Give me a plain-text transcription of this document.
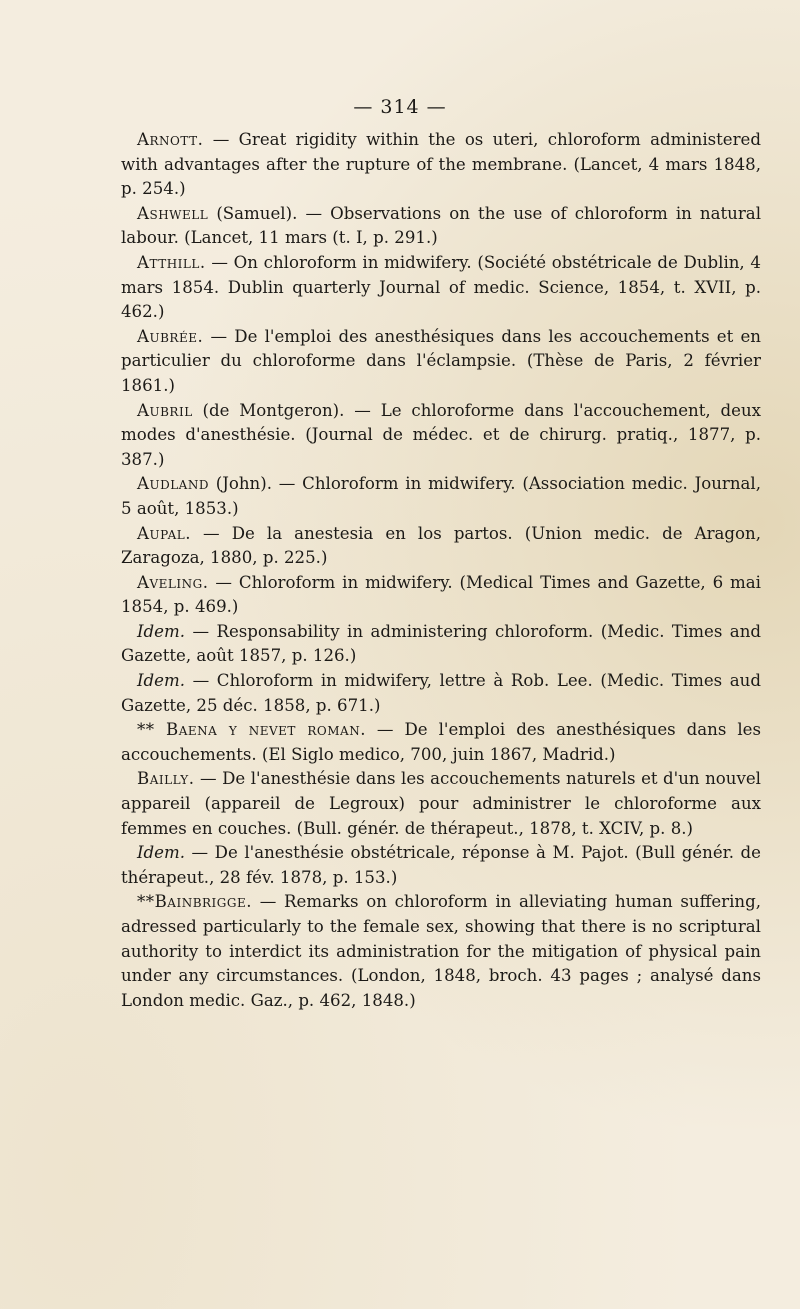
— 314 —

Arnott. — Great rigidity within the os uteri, chloroform administered with advantages after the rupture of the membrane. (Lancet, 4 mars 1848, p. 254.)

Ashwell (Samuel). — Observations on the use of chloroform in natural labour. (Lancet, 11 mars (t. I, p. 291.)

Atthill. — On chloroform in midwifery. (Société obstétricale de Dublin, 4 mars 1854. Dublin quarterly Journal of medic. Science, 1854, t. XVII, p. 462.)

Aubrée. — De l'emploi des anesthésiques dans les accouchements et en particulier du chloroforme dans l'éclampsie. (Thèse de Paris, 2 février 1861.)

Aubril (de Montgeron). — Le chloroforme dans l'accouchement, deux modes d'anesthésie. (Journal de médec. et de chirurg. pratiq., 1877, p. 387.)

Audland (John). — Chloroform in midwifery. (Association medic. Journal, 5 août, 1853.)

Aupal. — De la anestesia en los partos. (Union medic. de Aragon, Zaragoza, 1880, p. 225.)

Aveling. — Chloroform in midwifery. (Medical Times and Gazette, 6 mai 1854, p. 469.)

Idem. — Responsability in administering chloroform. (Medic. Times and Gazette, août 1857, p. 126.)

Idem. — Chloroform in midwifery, lettre à Rob. Lee. (Medic. Times aud Gazette, 25 déc. 1858, p. 671.)

** Baena y nevet roman. — De l'emploi des anesthésiques dans les accouchements. (El Siglo medico, 700, juin 1867, Madrid.)

Bailly. — De l'anesthésie dans les accouchements naturels et d'un nouvel appareil (appareil de Legroux) pour administrer le chloroforme aux femmes en couches. (Bull. génér. de thérapeut., 1878, t. XCIV, p. 8.)

Idem. — De l'anesthésie obstétricale, réponse à M. Pajot. (Bull génér. de thérapeut., 28 fév. 1878, p. 153.)

**Bainbrigge. — Remarks on chloroform in alleviating human suffering, adressed particularly to the female sex, showing that there is no scriptural authority to interdict its administration for the mitigation of physical pain under any circumstances. (London, 1848, broch. 43 pages ; analysé dans London medic. Gaz., p. 462, 1848.)
